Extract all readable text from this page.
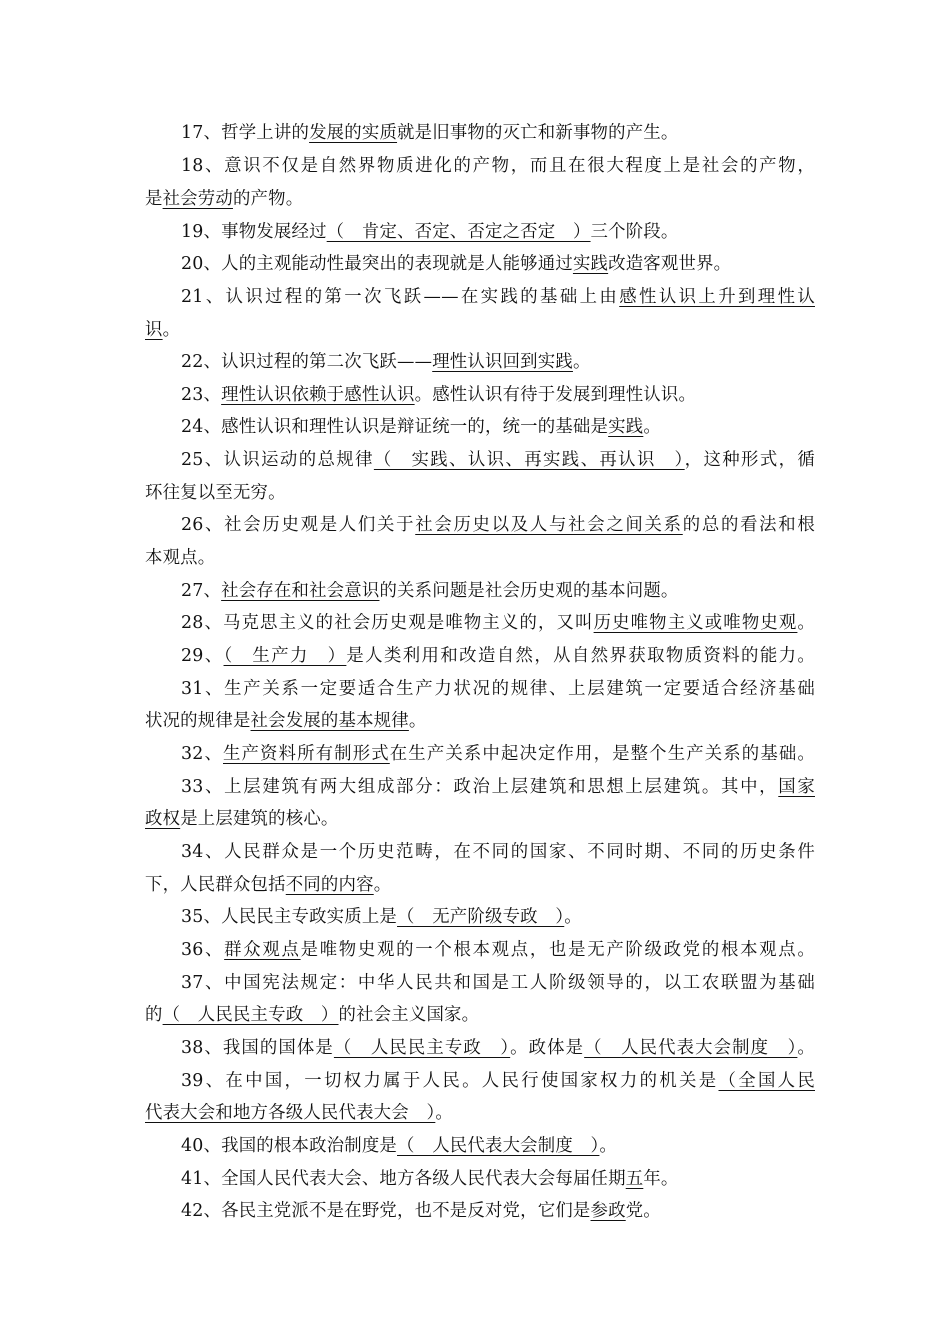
17、哲学上讲的发展的实质就是旧事物的灭亡和新事物的产生。
18、意识不仅是自然界物质进化的产物，而且在很大程度上是社会的产物，
是社会劳动的产物。
19、事物发展经过（　肯定、否定、否定之否定　）三个阶段。
20、人的主观能动性最突出的表现就是人能够通过实践改造客观世界。
21、认识过程的第一次飞跃——在实践的基础上由感性认识上升到理性认
识。
22、认识过程的第二次飞跃——理性认识回到实践。
23、理性认识依赖于感性认识。感性认识有待于发展到理性认识。
24、感性认识和理性认识是辩证统一的，统一的基础是实践。
25、认识运动的总规律（　实践、认识、再实践、再认识　），这种形式，循
环往复以至无穷。
26、社会历史观是人们关于社会历史以及人与社会之间关系的总的看法和根
本观点。
27、社会存在和社会意识的关系问题是社会历史观的基本问题。
28、马克思主义的社会历史观是唯物主义的，又叫历史唯物主义或唯物史观。
29、（　生产力　）是人类利用和改造自然，从自然界获取物质资料的能力。
31、生产关系一定要适合生产力状况的规律、上层建筑一定要适合经济基础
状况的规律是社会发展的基本规律。
32、生产资料所有制形式在生产关系中起决定作用，是整个生产关系的基础。
33、上层建筑有两大组成部分：政治上层建筑和思想上层建筑。其中，国家
政权是上层建筑的核心。
34、人民群众是一个历史范畴，在不同的国家、不同时期、不同的历史条件
下，人民群众包括不同的内容。
35、人民民主专政实质上是（　无产阶级专政　）。
36、群众观点是唯物史观的一个根本观点，也是无产阶级政党的根本观点。
37、中国宪法规定：中华人民共和国是工人阶级领导的，以工农联盟为基础
的（　人民民主专政　）的社会主义国家。
38、我国的国体是（　人民民主专政　）。政体是（　人民代表大会制度　）。
39、在中国，一切权力属于人民。人民行使国家权力的机关是（全国人民
代表大会和地方各级人民代表大会　）。
40、我国的根本政治制度是（　人民代表大会制度　）。
41、全国人民代表大会、地方各级人民代表大会每届任期五年。
42、各民主党派不是在野党，也不是反对党，它们是参政党。
